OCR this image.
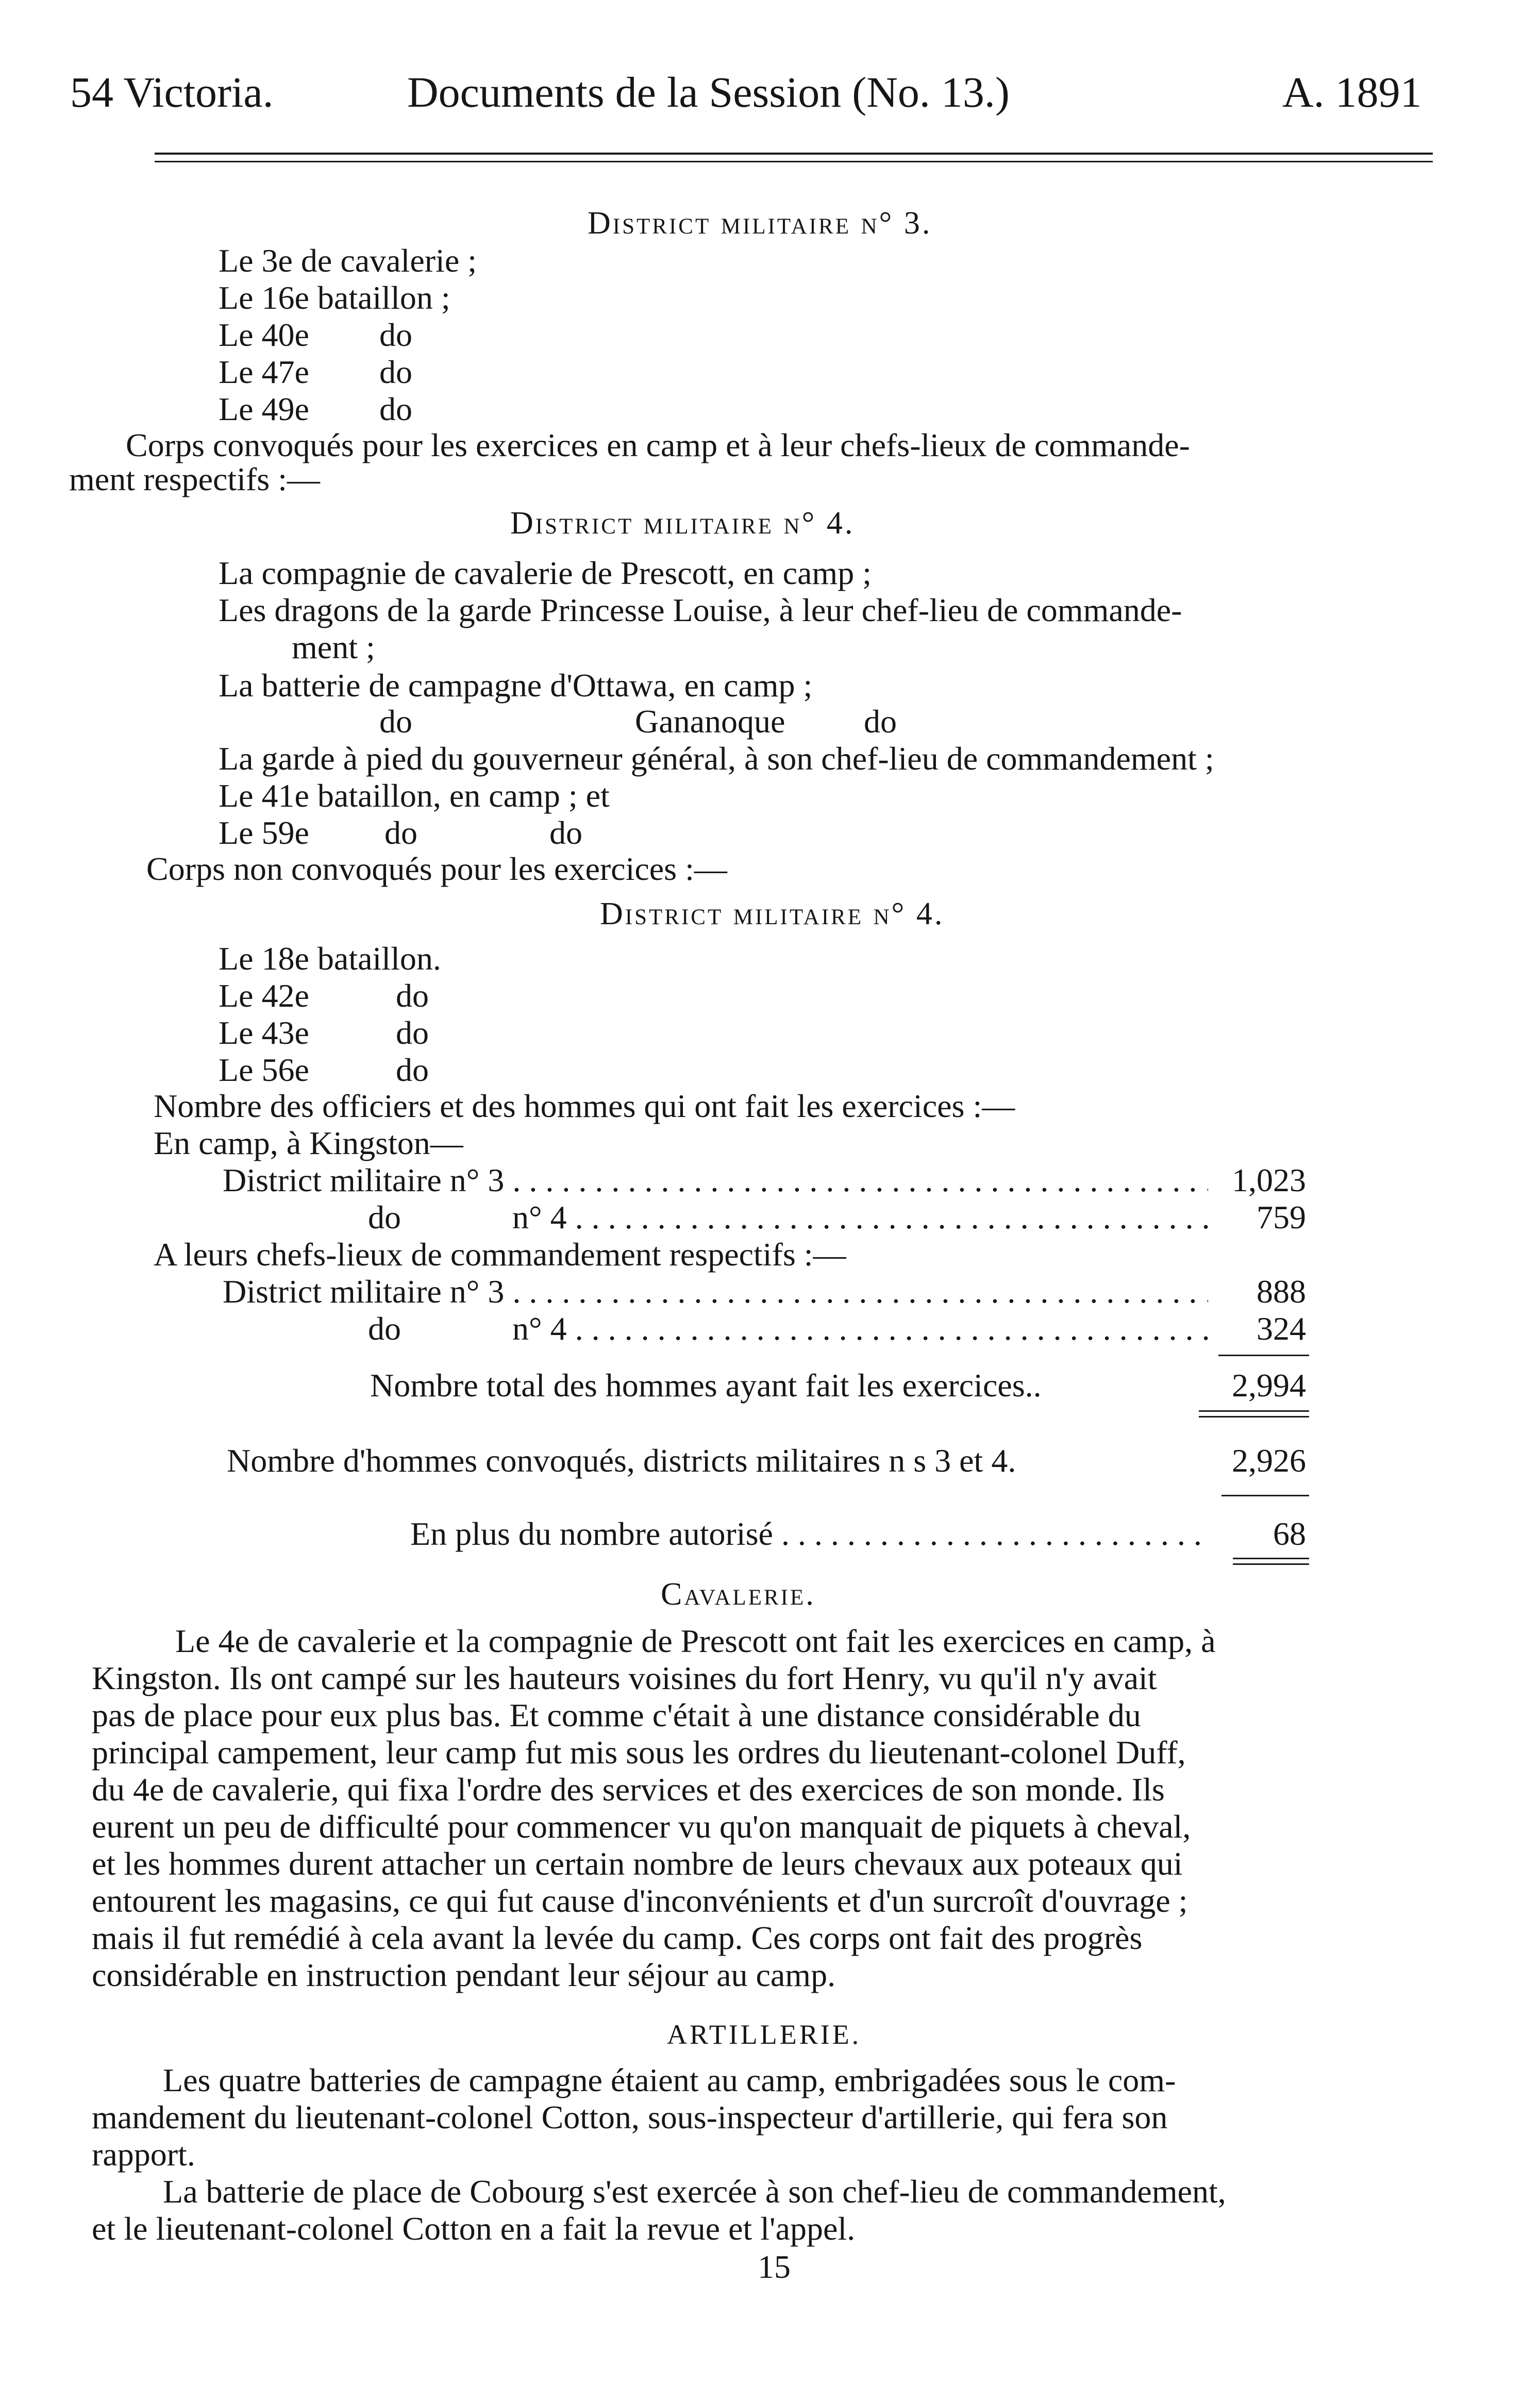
54 Victoria.	Documents de la Session (No. 13.)	A. 1891
District militaire n° 3.
Le 3e de cavalerie ;
Le 16e bataillon ;
Le 40e do
Le 47e do
Le 49e do
Corps convoqués pour les exercices en camp et à leur chefs-lieux de commande-
ment respectifs :—
District militaire n° 4.
La compagnie de cavalerie de Prescott, en camp ;
Les dragons de la garde Princesse Louise, à leur chef-lieu de commande-
ment ;
La batterie de campagne d'Ottawa, en camp ;
do	Gananoque do
La garde à pied du gouverneur général, à son chef-lieu de commandement ;
Le 41e bataillon, en camp ; et
Le 59e do	do
Corps non convoqués pour les exercices :—
District militaire n° 4.
Le 18e bataillon.
Le 42e	do
Le 43e	do
Le 56e	do
Nombre des officiers et des hommes qui ont fait les exercices :—
En camp, à Kingston—
District militaire n° 3 . . .	1,023
do	n° 4 . . .	759
A leurs chefs-lieux de commandement respectifs :—
District militaire n° 3 . . .	888
do	n° 4 . . .	324
Nombre total des hommes ayant fait les exercices..	2,994
Nombre d'hommes convoqués, districts militaires n s 3 et 4.	2,926
En plus du nombre autorisé . . .	68
Cavalerie.
Le 4e de cavalerie et la compagnie de Prescott ont fait les exercices en camp, à
Kingston. Ils ont campé sur les hauteurs voisines du fort Henry, vu qu'il n'y avait
pas de place pour eux plus bas. Et comme c'était à une distance considérable du
principal campement, leur camp fut mis sous les ordres du lieutenant-colonel Duff,
du 4e de cavalerie, qui fixa l'ordre des services et des exercices de son monde. Ils
eurent un peu de difficulté pour commencer vu qu'on manquait de piquets à cheval,
et les hommes durent attacher un certain nombre de leurs chevaux aux poteaux qui
entourent les magasins, ce qui fut cause d'inconvénients et d'un surcroît d'ouvrage ;
mais il fut remédié à cela avant la levée du camp. Ces corps ont fait des progrès
considérable en instruction pendant leur séjour au camp.
ARTILLERIE.
Les quatre batteries de campagne étaient au camp, embrigadées sous le com-
mandement du lieutenant-colonel Cotton, sous-inspecteur d'artillerie, qui fera son
rapport.
La batterie de place de Cobourg s'est exercée à son chef-lieu de commandement,
et le lieutenant-colonel Cotton en a fait la revue et l'appel.
15
